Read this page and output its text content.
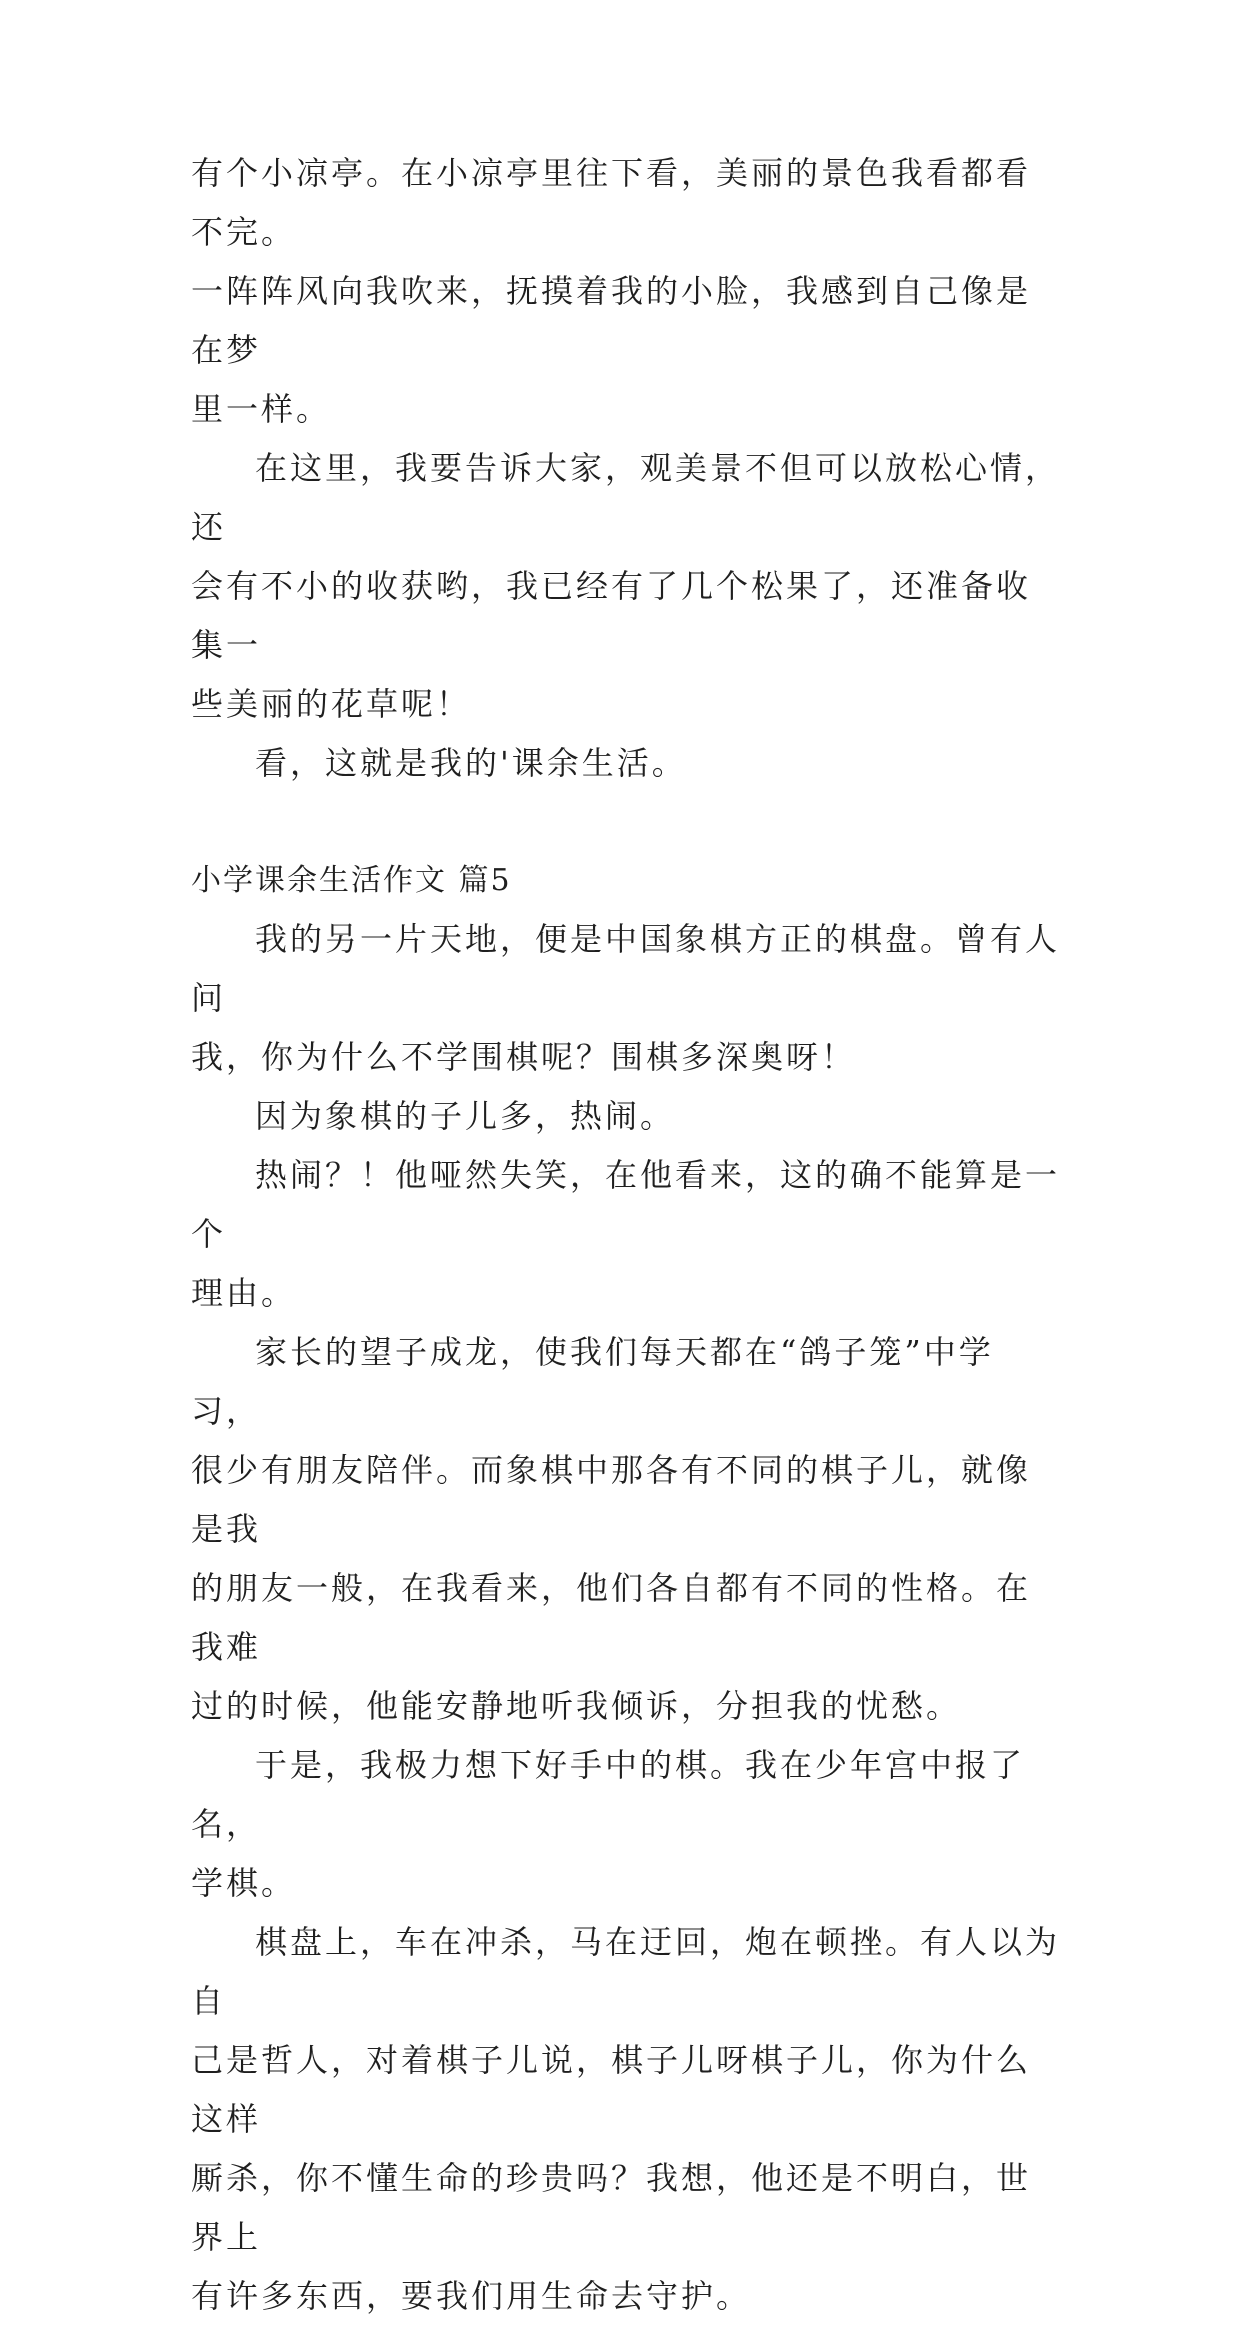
有个小凉亭。在小凉亭里往下看，美丽的景色我看都看不完。

一阵阵风向我吹来，抚摸着我的小脸，我感到自己像是在梦

里一样。

在这里，我要告诉大家，观美景不但可以放松心情，还

会有不小的收获哟，我已经有了几个松果了，还准备收集一

些美丽的花草呢！

看，这就是我的'课余生活。

小学课余生活作文 篇5

我的另一片天地，便是中国象棋方正的棋盘。曾有人问

我，你为什么不学围棋呢？围棋多深奥呀！

因为象棋的子儿多，热闹。

热闹？！他哑然失笑，在他看来，这的确不能算是一个

理由。

家长的望子成龙，使我们每天都在“鸽子笼”中学习，

很少有朋友陪伴。而象棋中那各有不同的棋子儿，就像是我

的朋友一般，在我看来，他们各自都有不同的性格。在我难

过的时候，他能安静地听我倾诉，分担我的忧愁。

于是，我极力想下好手中的棋。我在少年宫中报了名，

学棋。

棋盘上，车在冲杀，马在迂回，炮在顿挫。有人以为自

己是哲人，对着棋子儿说，棋子儿呀棋子儿，你为什么这样

厮杀，你不懂生命的珍贵吗？我想，他还是不明白，世界上

有许多东西，要我们用生命去守护。
